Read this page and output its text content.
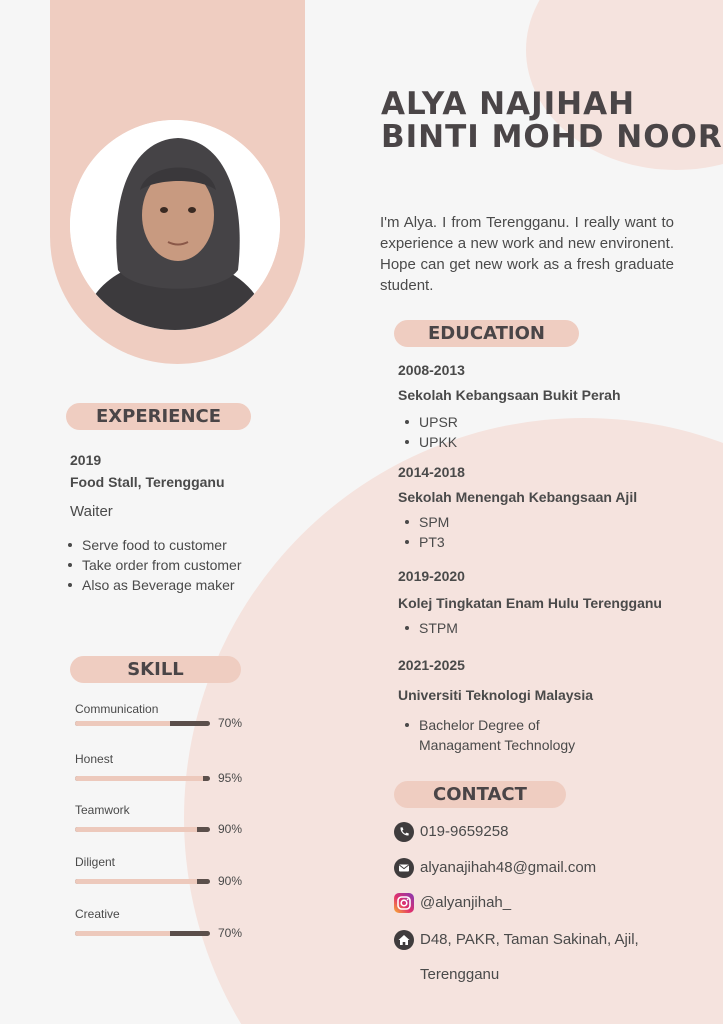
ALYA NAJIHAH
BINTI MOHD NOOR

I'm Alya. I from Terengganu. I really want to experience a new work and new environent. Hope can get new work as a fresh graduate student.

EXPERIENCE
2019
Food Stall, Terengganu
Waiter
Serve food to customer
Take order from customer
Also as Beverage maker
SKILL
Communication
70%
Honest
95%
Teamwork
90%
Diligent
90%
Creative
70%
EDUCATION
2008-2013
Sekolah Kebangsaan Bukit Perah
UPSR
UPKK
2014-2018
Sekolah Menengah Kebangsaan Ajil
SPM
PT3
2019-2020
Kolej Tingkatan Enam Hulu Terengganu
STPM
2021-2025
Universiti Teknologi Malaysia
Bachelor Degree of Managament Technology
CONTACT
019-9659258
alyanajihah48@gmail.com
@alyanjihah_
D48, PAKR, Taman Sakinah, Ajil,
Terengganu
